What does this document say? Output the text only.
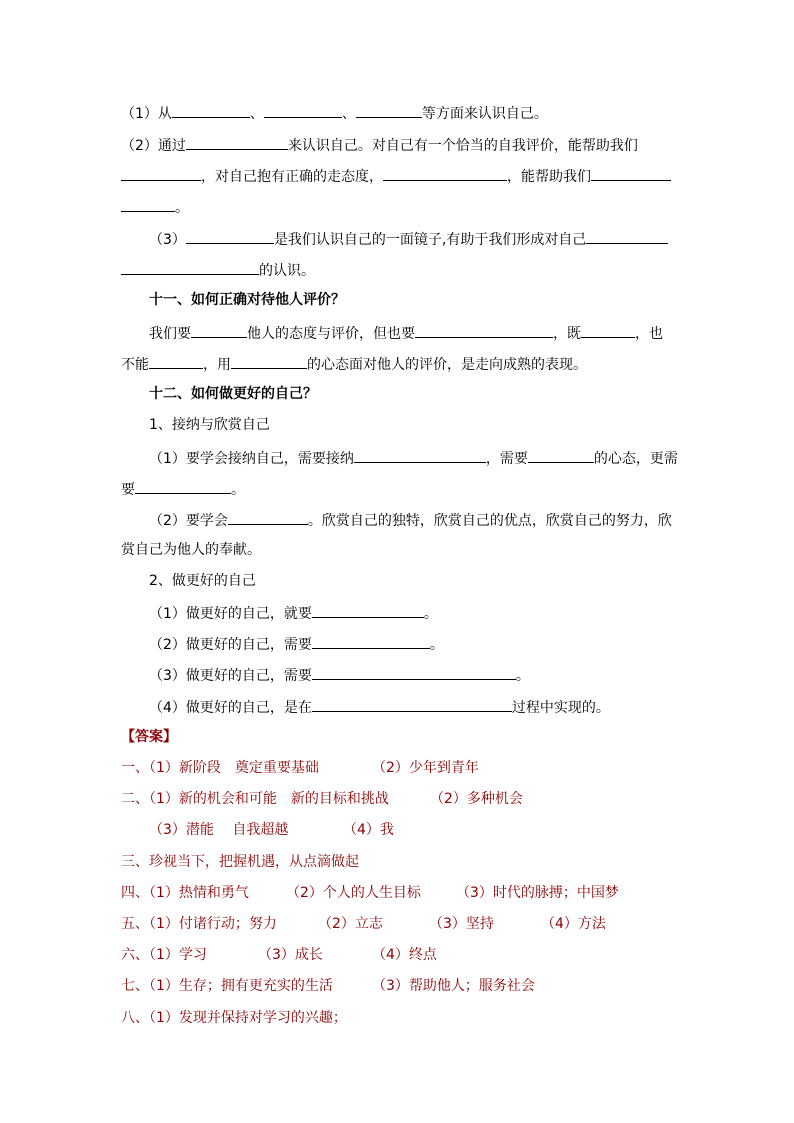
（1）从	、	、	等方面来认识自己。
（2）通过	来认识自己。对自己有一个恰当的自我评价，能帮助我们
，对自己抱有正确的走态度，	，能帮助我们
。
（3）	是我们认识自己的一面镜子,有助于我们形成对自己
的认识。
十一、如何正确对待他人评价？
我们要	他人的态度与评价，但也要	，既	，也
不能	，用	的心态面对他人的评价，是走向成熟的表现。
十二、如何做更好的自己？
1、接纳与欣赏自己
（1）要学会接纳自己，需要接纳	，需要	的心态，更需
要	。
（2）要学会	。欣赏自己的独特，欣赏自己的优点，欣赏自己的努力，欣
赏自己为他人的奉献。
2、做更好的自己
（1）做更好的自己，就要	。
（2）做更好的自己，需要	。
（3）做更好的自己，需要	。
（4）做更好的自己，是在	过程中实现的。
【答案】
一、（1）新阶段　奠定重要基础	（2）少年到青年
二、（1）新的机会和可能　新的目标和挑战	（2）多种机会
（3）潜能　 自我超越	（4）我
三、珍视当下，把握机遇，从点滴做起
四、（1）热情和勇气	（2）个人的人生目标	（3）时代的脉搏；中国梦
五、（1）付诸行动；努力	（2）立志	（3）坚持	（4）方法
六、（1）学习	（3）成长	（4）终点
七、（1）生存；拥有更充实的生活	（3）帮助他人；服务社会
八、（1）发现并保持对学习的兴趣；
